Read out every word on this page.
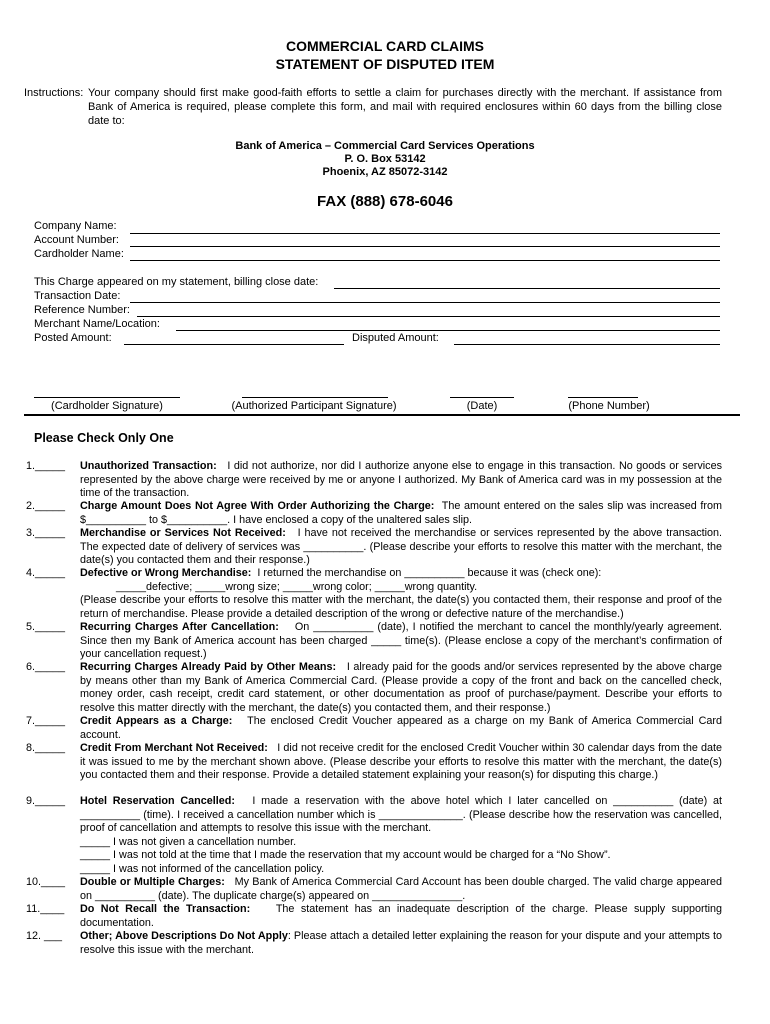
COMMERCIAL CARD CLAIMS
STATEMENT OF DISPUTED ITEM
Instructions: Your company should first make good-faith efforts to settle a claim for purchases directly with the merchant. If assistance from Bank of America is required, please complete this form, and mail with required enclosures within 60 days from the billing close date to:
Bank of America – Commercial Card Services Operations
P. O. Box 53142
Phoenix, AZ 85072-3142
FAX (888) 678-6046
Company Name:
Account Number:
Cardholder Name:
This Charge appeared on my statement, billing close date:
Transaction Date:
Reference Number:
Merchant Name/Location:
Posted Amount:	Disputed Amount:
(Cardholder Signature)	(Authorized Participant Signature)	(Date)	(Phone Number)
Please Check Only One
1._____	Unauthorized Transaction: I did not authorize, nor did I authorize anyone else to engage in this transaction. No goods or services represented by the above charge were received by me or anyone I authorized. My Bank of America card was in my possession at the time of the transaction.
2._____	Charge Amount Does Not Agree With Order Authorizing the Charge: The amount entered on the sales slip was increased from $__________ to $__________. I have enclosed a copy of the unaltered sales slip.
3._____	Merchandise or Services Not Received: I have not received the merchandise or services represented by the above transaction. The expected date of delivery of services was __________. (Please describe your efforts to resolve this matter with the merchant, the date(s) you contacted them and their response.)
4._____	Defective or Wrong Merchandise: I returned the merchandise on __________ because it was (check one):
_____defective; _____wrong size; _____wrong color; _____wrong quantity.
(Please describe your efforts to resolve this matter with the merchant, the date(s) you contacted them, their response and proof of the return of merchandise. Please provide a detailed description of the wrong or defective nature of the merchandise.)
5._____	Recurring Charges After Cancellation: On __________ (date), I notified the merchant to cancel the monthly/yearly agreement. Since then my Bank of America account has been charged _____ time(s). (Please enclose a copy of the merchant’s confirmation of your cancellation request.)
6._____	Recurring Charges Already Paid by Other Means: I already paid for the goods and/or services represented by the above charge by means other than my Bank of America Commercial Card. (Please provide a copy of the front and back on the cancelled check, money order, cash receipt, credit card statement, or other documentation as proof of purchase/payment. Describe your efforts to resolve this matter directly with the merchant, the date(s) you contacted them, and their response.)
7._____	Credit Appears as a Charge: The enclosed Credit Voucher appeared as a charge on my Bank of America Commercial Card account.
8._____	Credit From Merchant Not Received: I did not receive credit for the enclosed Credit Voucher within 30 calendar days from the date it was issued to me by the merchant shown above. (Please describe your efforts to resolve this matter with the merchant, the date(s) you contacted them and their response. Provide a detailed statement explaining your reason(s) for disputing this charge.)
9._____	Hotel Reservation Cancelled: I made a reservation with the above hotel which I later cancelled on __________ (date) at __________ (time). I received a cancellation number which is ______________. (Please describe how the reservation was cancelled, proof of cancellation and attempts to resolve this issue with the merchant.
_____ I was not given a cancellation number.
_____ I was not told at the time that I made the reservation that my account would be charged for a “No Show”.
_____ I was not informed of the cancellation policy.
10.____	Double or Multiple Charges: My Bank of America Commercial Card Account has been double charged. The valid charge appeared on __________ (date). The duplicate charge(s) appeared on _______________.
11.____	Do Not Recall the Transaction: The statement has an inadequate description of the charge. Please supply supporting documentation.
12. ___	Other; Above Descriptions Do Not Apply: Please attach a detailed letter explaining the reason for your dispute and your attempts to resolve this issue with the merchant.
